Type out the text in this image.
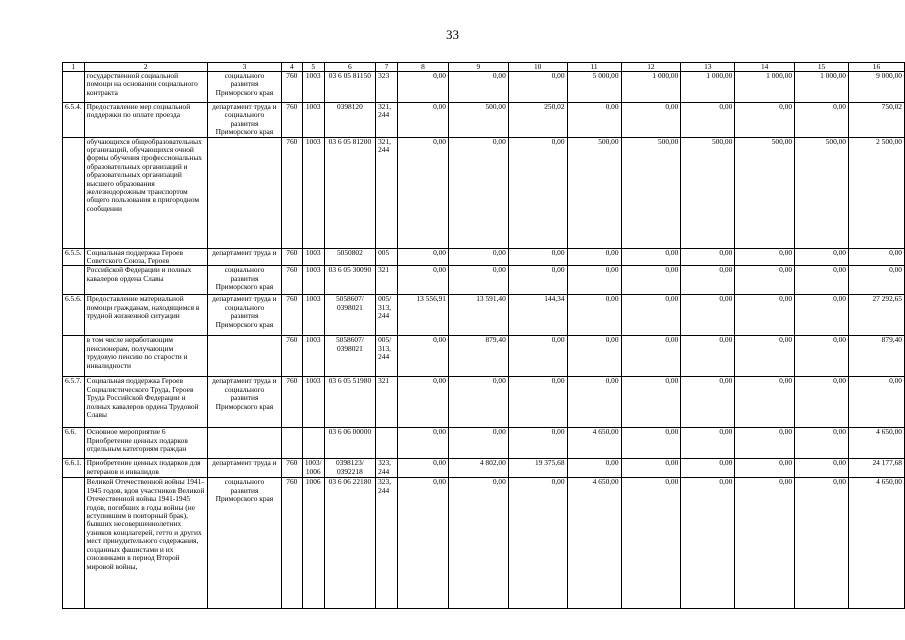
33
1	2	3	4	5	6	7	8	9	10	11	12	13	14	15	16
	государственной социальной помощи на основании социального контракта	социального развития Приморского края	760	1003	03 6 05 81150	323	0,00	0,00	0,00	5 000,00	1 000,00	1 000,00	1 000,00	1 000,00	9 000,00
6.5.4.	Предоставление мер социальной поддержки по оплате проезда	департамент труда и социального развития Приморского края	760	1003	0398120	321, 244	0,00	500,00	250,02	0,00	0,00	0,00	0,00	0,00	750,02
	обучающихся общеобразовательных организаций, обучающихся очной формы обучения профессиональных образовательных организаций и образовательных организаций высшего образования железнодорожным транспортом общего пользования в пригородном сообщении		760	1003	03 6 05 81200	321, 244	0,00	0,00	0,00	500,00	500,00	500,00	500,00	500,00	2 500,00
6.5.5.	Социальная поддержка Героев Советского Союза, Героев	департамент труда и	760	1003	5050802	005	0,00	0,00	0,00	0,00	0,00	0,00	0,00	0,00	0,00
	Российской Федерации и полных кавалеров ордена Славы	социального развития Приморского края	760	1003	03 6 05 30090	321	0,00	0,00	0,00	0,00	0,00	0,00	0,00	0,00	0,00
6.5.6.	Предоставление материальной помощи гражданам, находящимся в трудной жизненной ситуации	департамент труда и социального развития Приморского края	760	1003	5058607/ 0398021	005/ 313, 244	13 556,91	13 591,40	144,34	0,00	0,00	0,00	0,00	0,00	27 292,65
	в том числе неработающим пенсионерам, получающим трудовую пенсию по старости и инвалидности		760	1003	5058607/ 0398021	005/ 313, 244	0,00	879,40	0,00	0,00	0,00	0,00	0,00	0,00	879,40
6.5.7.	Социальная поддержка Героев Социалистического Труда, Героев Труда Российской Федерации и полных кавалеров ордена Трудовой Славы	департамент труда и социального развития Приморского края	760	1003	03 6 05 51980	321	0,00	0,00	0,00	0,00	0,00	0,00	0,00	0,00	0,00
6.6.	Основное мероприятие 6 Приобретение ценных подарков отдельным категориям граждан				03 6 06 00000		0,00	0,00	0,00	4 650,00	0,00	0,00	0,00	0,00	4 650,00
6.6.1.	Приобретение ценных подарков для ветеранов и инвалидов	департамент труда и	760	1003/ 1006	0398123/ 0392218	323, 244	0,00	4 802,00	19 375,68	0,00	0,00	0,00	0,00	0,00	24 177,68
	Великой Отечественной войны 1941-1945 годов, вдов участников Великой Отечественной войны 1941-1945 годов, погибших в годы войны (не вступившим в повторный брак), бывших несовершеннолетних узников концлагерей, гетто и других мест принудительного содержания, созданных фашистами и их союзниками в период Второй мировой войны,	социального развития Приморского края	760	1006	03 6 06 22180	323, 244	0,00	0,00	0,00	4 650,00	0,00	0,00	0,00	0,00	4 650,00
